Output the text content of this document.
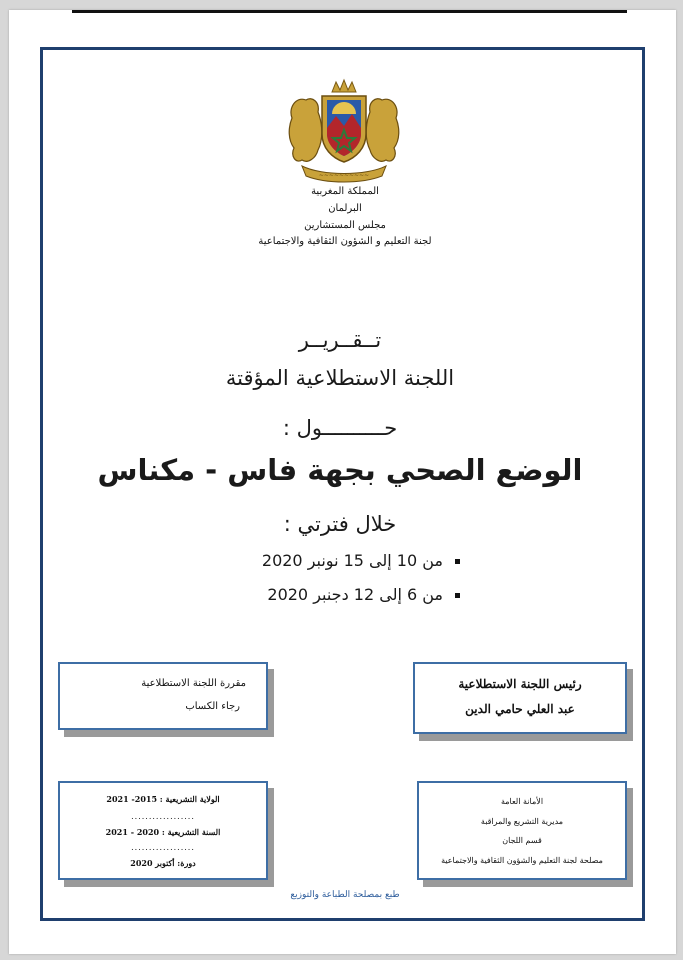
~~~~~~~~~~
المملكة المغربية
البرلمان
مجلس المستشارين
لجنة التعليم و الشؤون الثقافية والاجتماعية
تــقــريــر
اللجنة الاستطلاعية المؤقتة
حــــــــــول :
الوضع الصحي بجهة فاس - مكناس
خلال فترتي :
من 10 إلى 15 نونبر 2020
من 6 إلى 12 دجنبر 2020
رئيس اللجنة الاستطلاعية
عبد العلي حامي الدين
مقررة اللجنة الاستطلاعية
رجاء الكساب
الأمانة العامة
مديرية التشريع والمراقبة
قسم اللجان
مصلحة لجنة التعليم والشؤون الثقافية والاجتماعية
الولاية التشريعية : 2015- 2021
..................
السنة التشريعية : 2020 - 2021
..................
دورة: أكتوبر 2020
طبع بمصلحة الطباعة والتوزيع
